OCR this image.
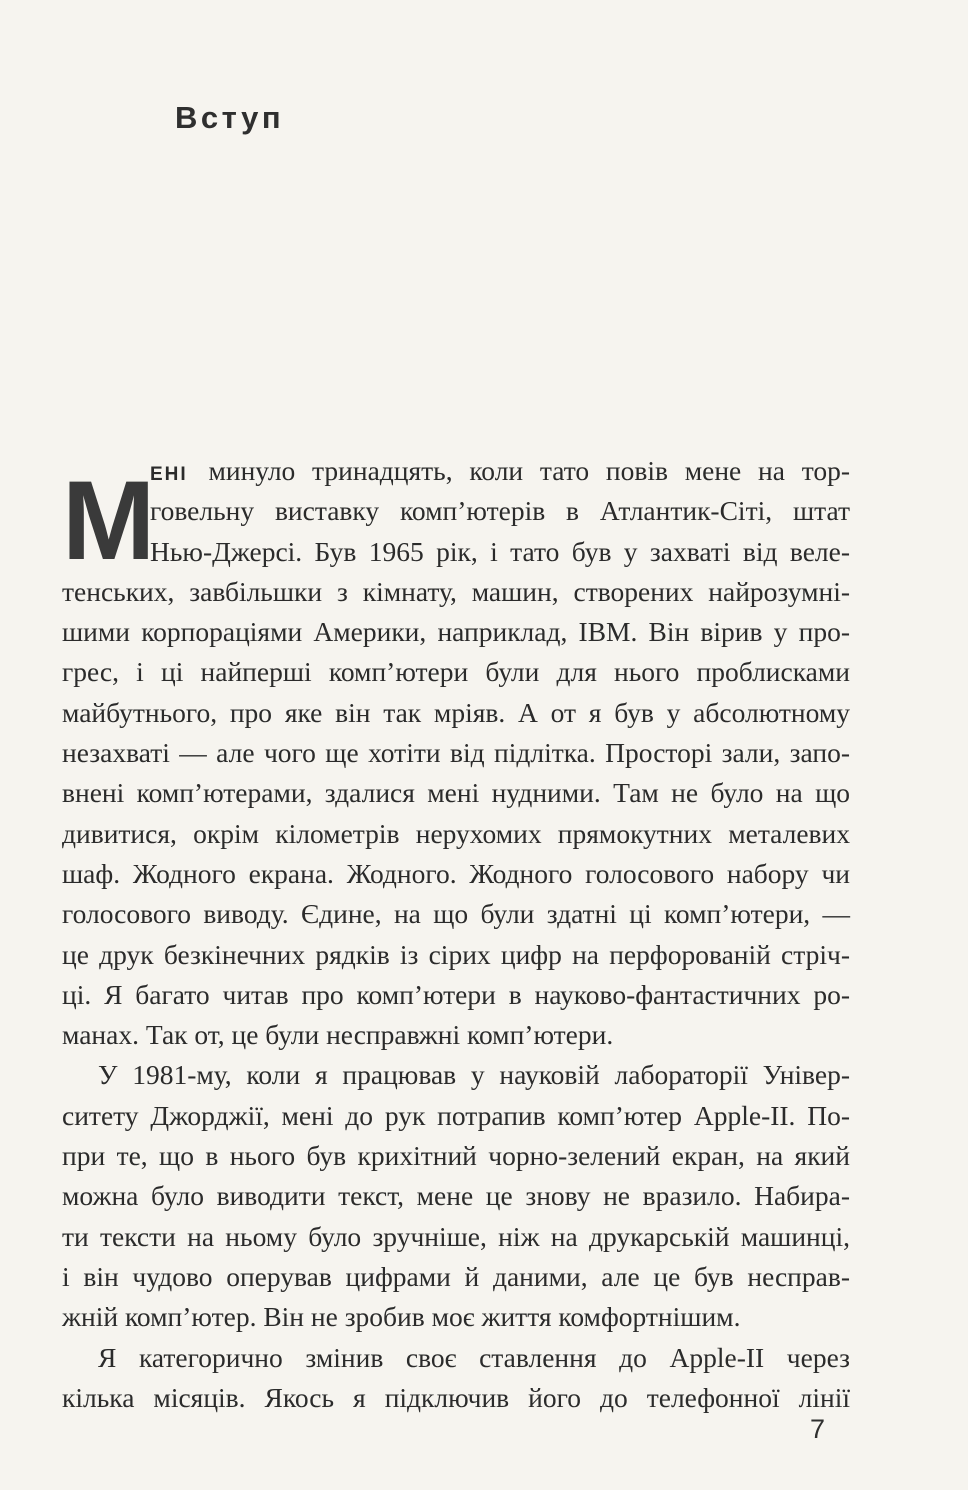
Вступ
М
ЕНІ минуло тринадцять, коли тато повів мене на тор-
говельну виставку комп’ютерів в Атлантик-Сіті, штат
Нью-Джерсі. Був 1965 рік, і тато був у захваті від веле-
тенських, завбільшки з кімнату, машин, створених найрозумні-
шими корпораціями Америки, наприклад, IBM. Він вірив у про-
грес, і ці найперші комп’ютери були для нього проблисками
майбутнього, про яке він так мріяв. А от я був у абсолютному
незахваті — але чого ще хотіти від підлітка. Просторі зали, запо-
внені комп’ютерами, здалися мені нудними. Там не було на що
дивитися, окрім кілометрів нерухомих прямокутних металевих
шаф. Жодного екрана. Жодного. Жодного голосового набору чи
голосового виводу. Єдине, на що були здатні ці комп’ютери, —
це друк безкінечних рядків із сірих цифр на перфорованій стріч-
ці. Я багато читав про комп’ютери в науково-фантастичних ро-
манах. Так от, це були несправжні комп’ютери.
У 1981-му, коли я працював у науковій лабораторії Універ-
ситету Джорджії, мені до рук потрапив комп’ютер Apple-II. По-
при те, що в нього був крихітний чорно-зелений екран, на який
можна було виводити текст, мене це знову не вразило. Набира-
ти тексти на ньому було зручніше, ніж на друкарській машинці,
і він чудово оперував цифрами й даними, але це був несправ-
жній комп’ютер. Він не зробив моє життя комфортнішим.
Я категорично змінив своє ставлення до Apple-II через
кілька місяців. Якось я підключив його до телефонної лінії
7
